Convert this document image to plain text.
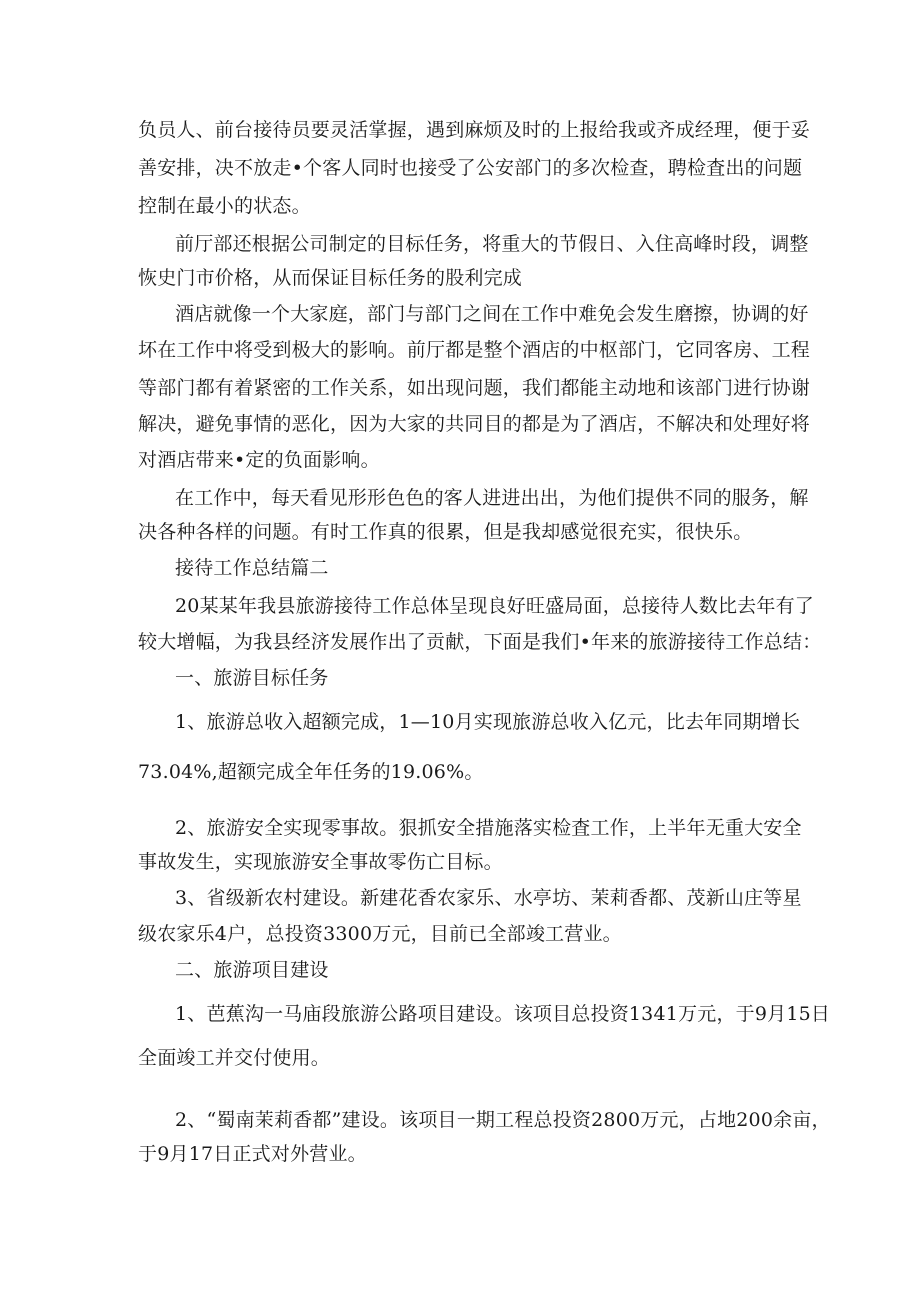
负员人、前台接待员要灵活掌握，遇到麻烦及时的上报给我或齐成经理，便于妥
善安排，决不放走•个客人同时也接受了公安部门的多次检查，聘检査出的问题
控制在最小的状态。
前厅部还根据公司制定的目标任务，将重大的节假日、入住高峰时段，调整
恢史门市价格，从而保证目标任务的股利完成
酒店就像一个大家庭，部门与部门之间在工作中难免会发生磨擦，协调的好
坏在工作中将受到极大的影响。前厅都是整个酒店的中枢部门，它同客房、工程
等部门都有着紧密的工作关系，如出现问题，我们都能主动地和该部门进行协谢
解决，避免事情的恶化，因为大家的共同目的都是为了酒店，不解决和处理好将
对酒店带来•定的负面影响。
在工作中，每天看见形形色色的客人进进出出，为他们提供不同的服务，解
决各种各样的问题。有时工作真的很累，但是我却感觉很充实，很快乐。
接待工作总结篇二
20某某年我县旅游接待工作总体呈现良好旺盛局面，总接待人数比去年有了
较大增幅，为我县经济发展作出了贡献，下面是我们•年来的旅游接待工作总结：
一、旅游目标任务
1、旅游总收入超额完成，1—10月实现旅游总收入亿元，比去年同期增长
73.04%,超额完成全年任务的19.06%。
2、旅游安全实现零事故。狠抓安全措施落实检査工作，上半年无重大安全
事故发生，实现旅游安全事故零伤亡目标。
3、省级新农村建设。新建花香农家乐、水亭坊、茉莉香都、茂新山庄等星
级农家乐4户，总投资3300万元，目前已全部竣工营业。
二、旅游项目建设
1、芭蕉沟一马庙段旅游公路项目建设。该项目总投资1341万元，于9月15日
全面竣工并交付使用。
2、“蜀南茉莉香都”建设。该项目一期工程总投资2800万元，占地200余亩，
于9月17日正式对外营业。
